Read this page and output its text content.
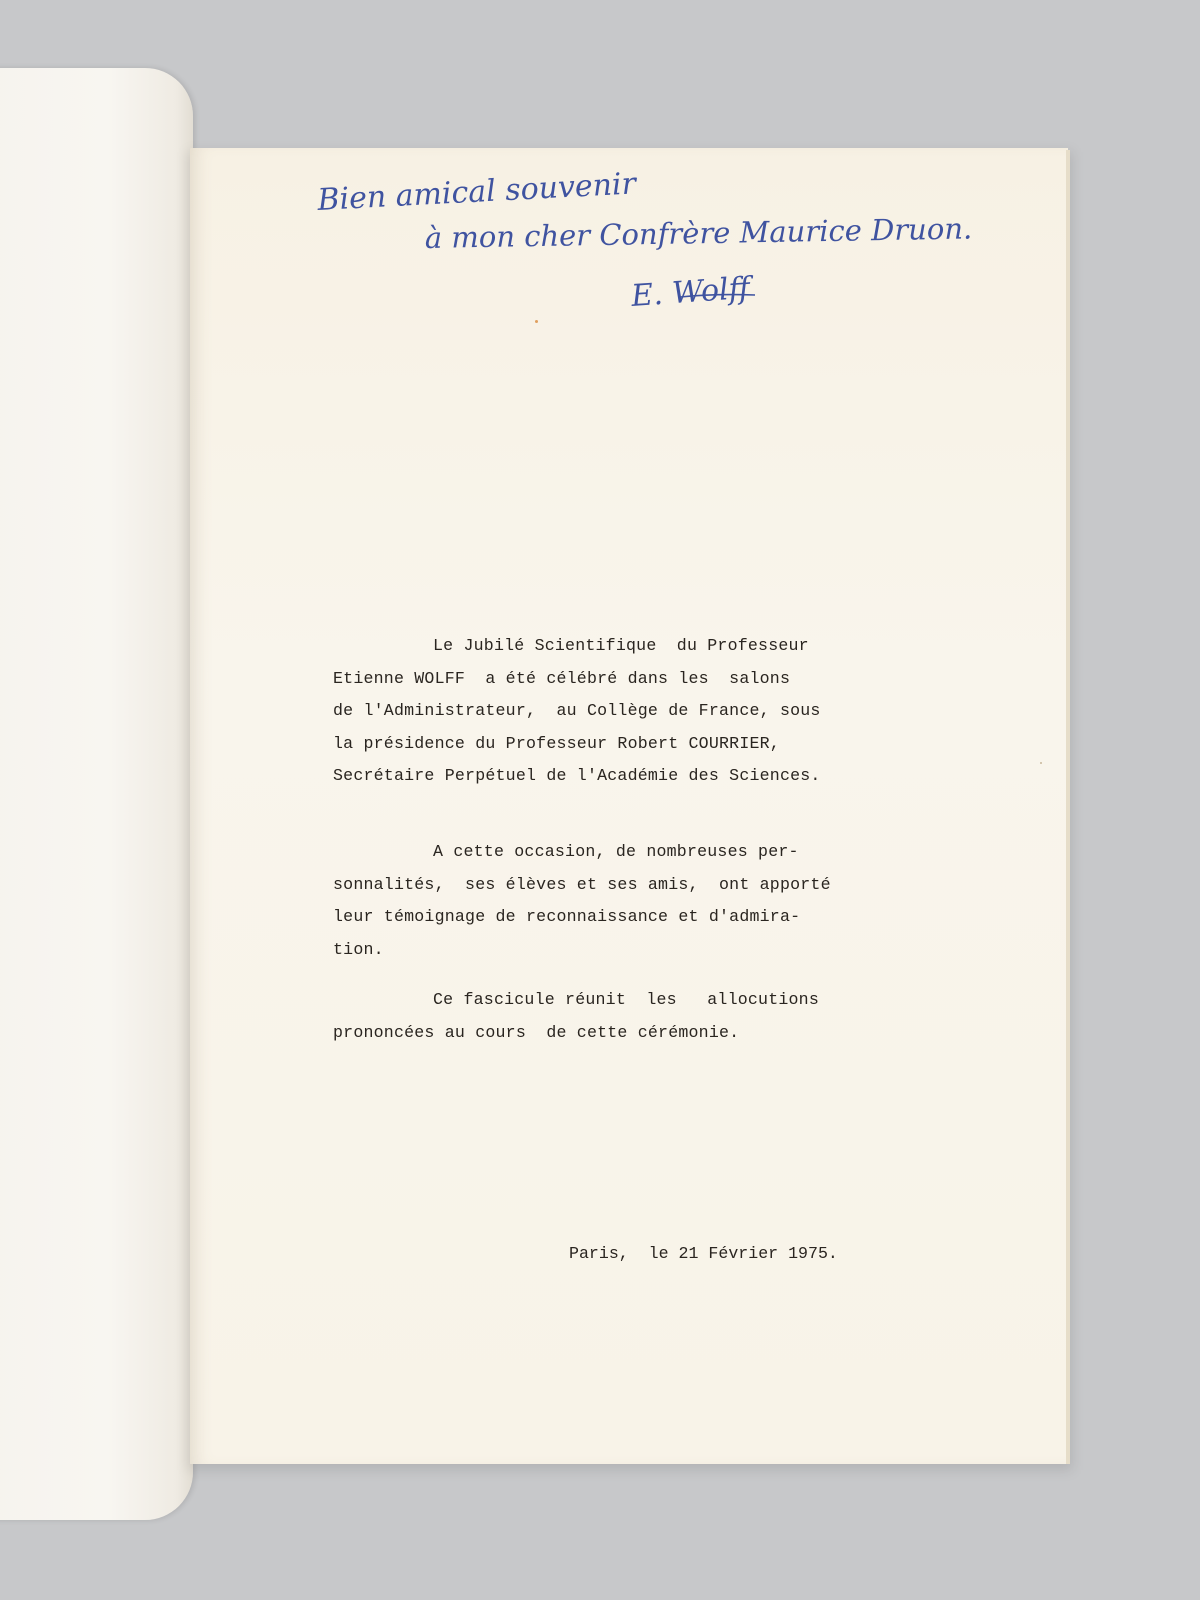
Bien amical souvenir
à mon cher Confrère Maurice Druon.
E. Wolff
Le Jubilé Scientifique  du Professeur
Etienne WOLFF  a été célébré dans les  salons
de l'Administrateur,  au Collège de France, sous
la présidence du Professeur Robert COURRIER,
Secrétaire Perpétuel de l'Académie des Sciences.
A cette occasion, de nombreuses per-
sonnalités,  ses élèves et ses amis,  ont apporté
leur témoignage de reconnaissance et d'admira-
tion.
Ce fascicule réunit  les   allocutions
prononcées au cours  de cette cérémonie.
Paris,  le 21 Février 1975.
